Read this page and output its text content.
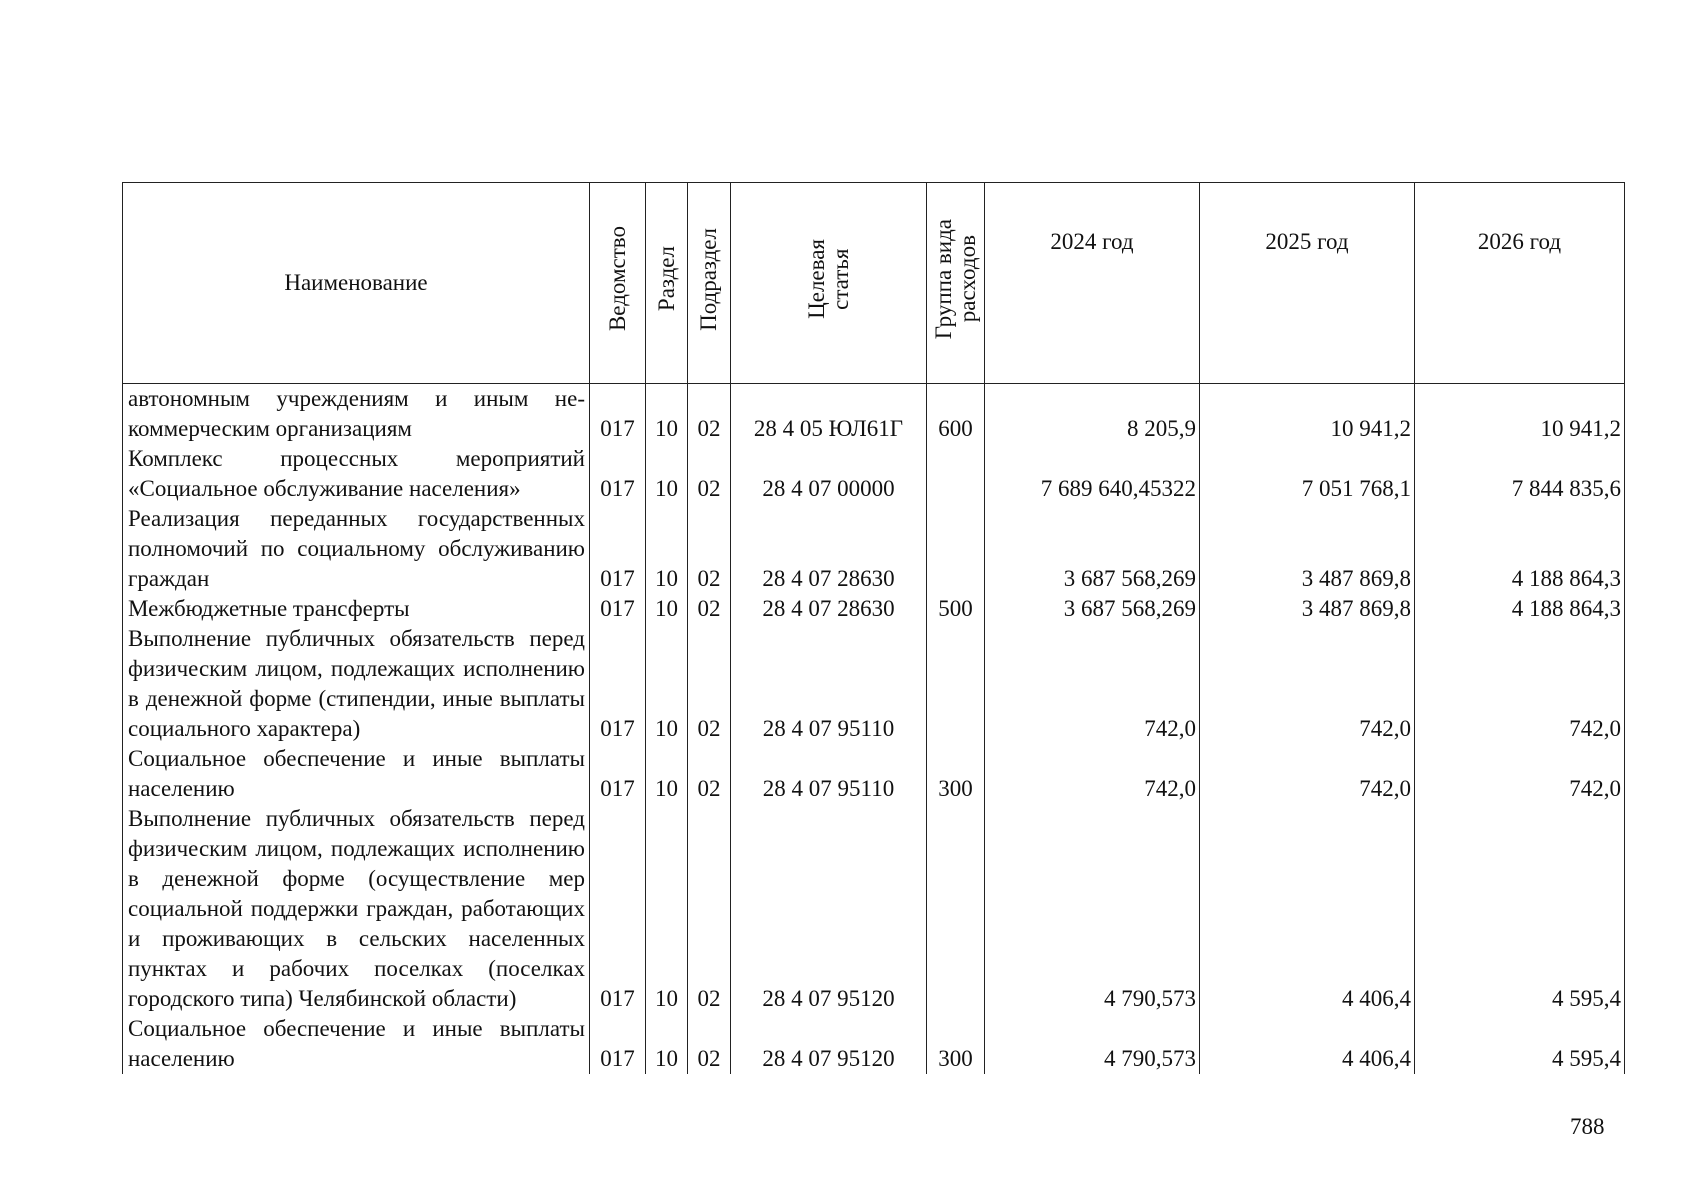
Наименование	Ведомство	Раздел	Подраздел	Целевая статья	Группа вида расходов	2024 год	2025 год	2026 год
автономным учреждениям и иным некоммерческим организациям	017	10	02	28 4 05 ЮЛ61Г	600	8 205,9	10 941,2	10 941,2
Комплекс процессных мероприятий «Социальное обслуживание населения»	017	10	02	28 4 07 00000		7 689 640,45322	7 051 768,1	7 844 835,6
Реализация переданных государственных полномочий по социальному обслуживанию граждан	017	10	02	28 4 07 28630		3 687 568,269	3 487 869,8	4 188 864,3
Межбюджетные трансферты	017	10	02	28 4 07 28630	500	3 687 568,269	3 487 869,8	4 188 864,3
Выполнение публичных обязательств перед физическим лицом, подлежащих исполнению в денежной форме (стипендии, иные выплаты социального характера)	017	10	02	28 4 07 95110		742,0	742,0	742,0
Социальное обеспечение и иные выплаты населению	017	10	02	28 4 07 95110	300	742,0	742,0	742,0
Выполнение публичных обязательств перед физическим лицом, подлежащих исполнению в денежной форме (осуществление мер социальной поддержки граждан, работающих и проживающих в сельских населенных пунктах и рабочих поселках (поселках городского типа) Челябинской области)	017	10	02	28 4 07 95120		4 790,573	4 406,4	4 595,4
Социальное обеспечение и иные выплаты населению	017	10	02	28 4 07 95120	300	4 790,573	4 406,4	4 595,4
788
